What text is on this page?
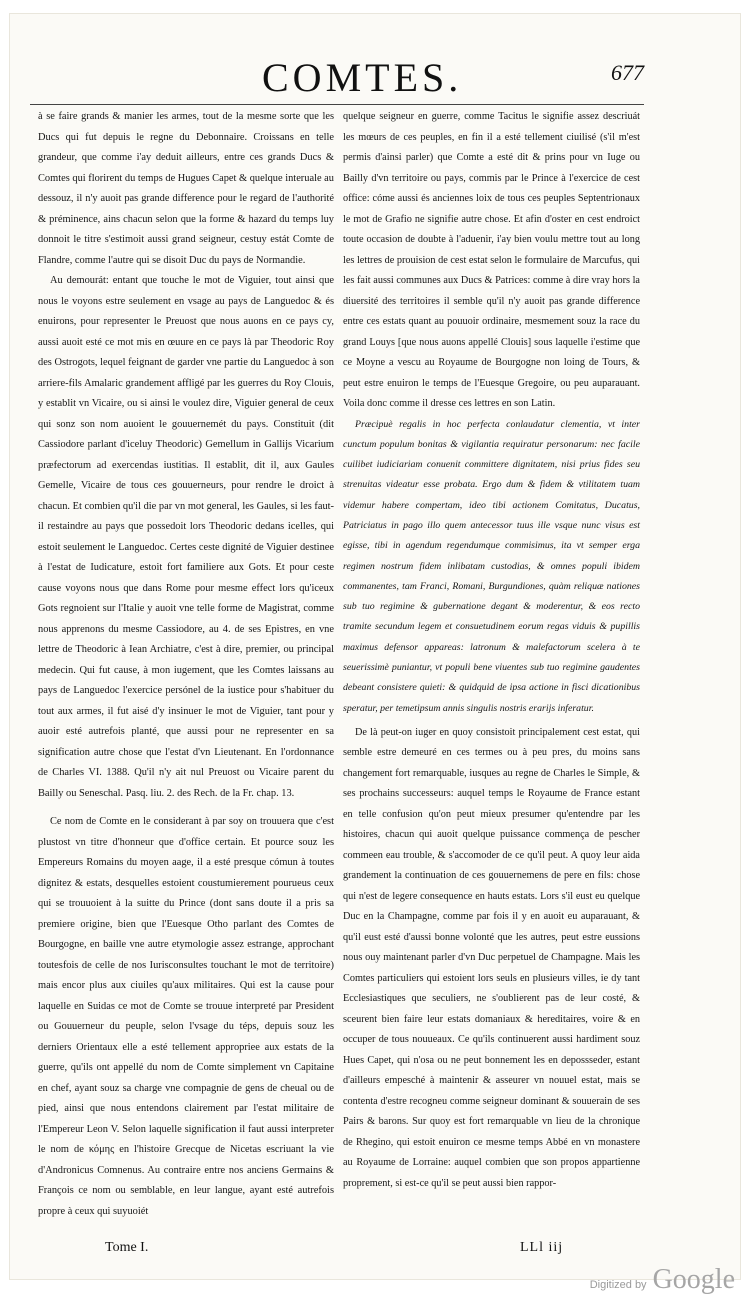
COMTES.	677

à se faire grands & manier les armes, tout de la mesme sorte que les Ducs qui fut depuis le regne du Debonnaire. Croissans en telle grandeur, que comme i'ay deduit ailleurs, entre ces grands Ducs & Comtes qui florirent du temps de Hugues Capet & quelque interuale au dessouz, il n'y auoit pas grande difference pour le regard de l'authorité & préminence, ains chacun selon que la forme & hazard du temps luy donnoit le titre s'estimoit aussi grand seigneur, cestuy estát Comte de Flandre, comme l'autre qui se disoit Duc du pays de Normandie.

Au demourát: entant que touche le mot de Viguier, tout ainsi que nous le voyons estre seulement en vsage au pays de Languedoc & és enuirons, pour representer le Preuost que nous auons en ce pays cy, aussi auoit esté ce mot mis en œuure en ce pays là par Theodoric Roy des Ostrogots, lequel feignant de garder vne partie du Languedoc à son arriere-fils Amalaric grandement affligé par les guerres du Roy Clouis, y establit vn Vicaire, ou si ainsi le voulez dire, Viguier general de ceux qui sonz son nom auoient le gouuernemét du pays. Constituit (dit Cassiodore parlant d'iceluy Theodoric) Gemellum in Gallijs Vicarium præfectorum ad exercendas iustitias. Il establit, dit il, aux Gaules Gemelle, Vicaire de tous ces gouuerneurs, pour rendre le droict à chacun. Et combien qu'il die par vn mot general, les Gaules, si les faut-il restaindre au pays que possedoit lors Theodoric dedans icelles, qui estoit seulement le Languedoc. Certes ceste dignité de Viguier destinee à l'estat de Iudicature, estoit fort familiere aux Gots. Et pour ceste cause voyons nous que dans Rome pour mesme effect lors qu'iceux Gots regnoient sur l'Italie y auoit vne telle forme de Magistrat, comme nous apprenons du mesme Cassiodore, au 4. de ses Epistres, en vne lettre de Theodoric à Iean Archiatre, c'est à dire, premier, ou principal medecin. Qui fut cause, à mon iugement, que les Comtes laissans au pays de Languedoc l'exercice persónel de la iustice pour s'habituer du tout aux armes, il fut aisé d'y insinuer le mot de Viguier, tant pour y auoir esté autrefois planté, que aussi pour ne representer en sa signification autre chose que l'estat d'vn Lieutenant. En l'ordonnance de Charles VI. 1388. Qu'il n'y ait nul Preuost ou Vicaire parent du Bailly ou Seneschal. Pasq. liu. 2. des Rech. de la Fr. chap. 13.

Ce nom de Comte en le considerant à par soy on trouuera que c'est plustost vn titre d'honneur que d'office certain. Et pource souz les Empereurs Romains du moyen aage, il a esté presque cómun à toutes dignitez & estats, desquelles estoient coustumierement pourueus ceux qui se trouuoient à la suitte du Prince (dont sans doute il a pris sa premiere origine, bien que l'Euesque Otho parlant des Comtes de Bourgogne, en baille vne autre etymologie assez estrange, approchant toutesfois de celle de nos Iurisconsultes touchant le mot de territoire) mais encor plus aux ciuiles qu'aux militaires. Qui est la cause pour laquelle en Suidas ce mot de Comte se trouue interpreté par President ou Gouuerneur du peuple, selon l'vsage du téps, depuis souz les derniers Orientaux elle a esté tellement appropriee aux estats de la guerre, qu'ils ont appellé du nom de Comte simplement vn Capitaine en chef, ayant souz sa charge vne compagnie de gens de cheual ou de pied, ainsi que nous entendons clairement par l'estat militaire de l'Empereur Leon V. Selon laquelle signification il faut aussi interpreter le nom de κόμης en l'histoire Grecque de Nicetas escriuant la vie d'Andronicus Comnenus. Au contraire entre nos anciens Germains & François ce nom ou semblable, en leur langue, ayant esté autrefois propre à ceux qui suyuoiét

quelque seigneur en guerre, comme Tacitus le signifie assez descriuát les mœurs de ces peuples, en fin il a esté tellement ciuilisé (s'il m'est permis d'ainsi parler) que Comte a esté dit & prins pour vn Iuge ou Bailly d'vn territoire ou pays, commis par le Prince à l'exercice de cest office: cóme aussi és anciennes loix de tous ces peuples Septentrionaux le mot de Grafio ne signifie autre chose. Et afin d'oster en cest endroict toute occasion de doubte à l'aduenir, i'ay bien voulu mettre tout au long les lettres de prouision de cest estat selon le formulaire de Marcufus, qui les fait aussi communes aux Ducs & Patrices: comme à dire vray hors la diuersité des territoires il semble qu'il n'y auoit pas grande difference entre ces estats quant au pouuoir ordinaire, mesmement souz la race du grand Louys [que nous auons appellé Clouis] sous laquelle i'estime que ce Moyne a vescu au Royaume de Bourgogne non loing de Tours, & peut estre enuiron le temps de l'Euesque Gregoire, ou peu auparauant. Voila donc comme il dresse ces lettres en son Latin.

Præcipuè regalis in hoc perfecta conlaudatur clementia, vt inter cunctum populum bonitas & vigilantia requiratur personarum: nec facile cuilibet iudiciariam conuenit committere dignitatem, nisi prius fides seu strenuitas videatur esse probata. Ergo dum & fidem & vtilitatem tuam videmur habere compertam, ideo tibi actionem Comitatus, Ducatus, Patriciatus in pago illo quem antecessor tuus ille vsque nunc visus est egisse, tibi in agendum regendumque commisimus, ita vt semper erga regimen nostrum fidem inlibatam custodias, & omnes populi ibidem commanentes, tam Franci, Romani, Burgundiones, quàm reliquæ nationes sub tuo regimine & gubernatione degant & moderentur, & eos recto tramite secundum legem et consuetudinem eorum regas viduis & pupillis maximus defensor appareas: latronum & malefactorum scelera à te seuerissimè puniantur, vt populi bene viuentes sub tuo regimine gaudentes debeant consistere quieti: & quidquid de ipsa actione in fisci dicationibus speratur, per temetipsum annis singulis nostris erarijs inferatur.

De là peut-on iuger en quoy consistoit principalement cest estat, qui semble estre demeuré en ces termes ou à peu pres, du moins sans changement fort remarquable, iusques au regne de Charles le Simple, & ses prochains successeurs: auquel temps le Royaume de France estant en telle confusion qu'on peut mieux presumer qu'entendre par les histoires, chacun qui auoit quelque puissance commença de pescher commeen eau trouble, & s'accomoder de ce qu'il peut. A quoy leur aida grandement la continuation de ces gouuernemens de pere en fils: chose qui n'est de legere consequence en hauts estats. Lors s'il eust eu quelque Duc en la Champagne, comme par fois il y en auoit eu auparauant, & qu'il eust esté d'aussi bonne volonté que les autres, peut estre eussions nous ouy maintenant parler d'vn Duc perpetuel de Champagne. Mais les Comtes particuliers qui estoient lors seuls en plusieurs villes, ie dy tant Ecclesiastiques que seculiers, ne s'oublierent pas de leur costé, & sceurent bien faire leur estats domaniaux & hereditaires, voire & en occuper de tous nouueaux. Ce qu'ils continuerent aussi hardiment souz Hues Capet, qui n'osa ou ne peut bonnement les en depossseder, estant d'ailleurs empesché à maintenir & asseurer vn nouuel estat, mais se contenta d'estre recogneu comme seigneur dominant & souuerain de ses Pairs & barons. Sur quoy est fort remarquable vn lieu de la chronique de Rhegino, qui estoit enuiron ce mesme temps Abbé en vn monastere au Royaume de Lorraine: auquel combien que son propos appartienne proprement, si est-ce qu'il se peut aussi bien rappor-

Tome I.	LLl iij
Digitized by Google
